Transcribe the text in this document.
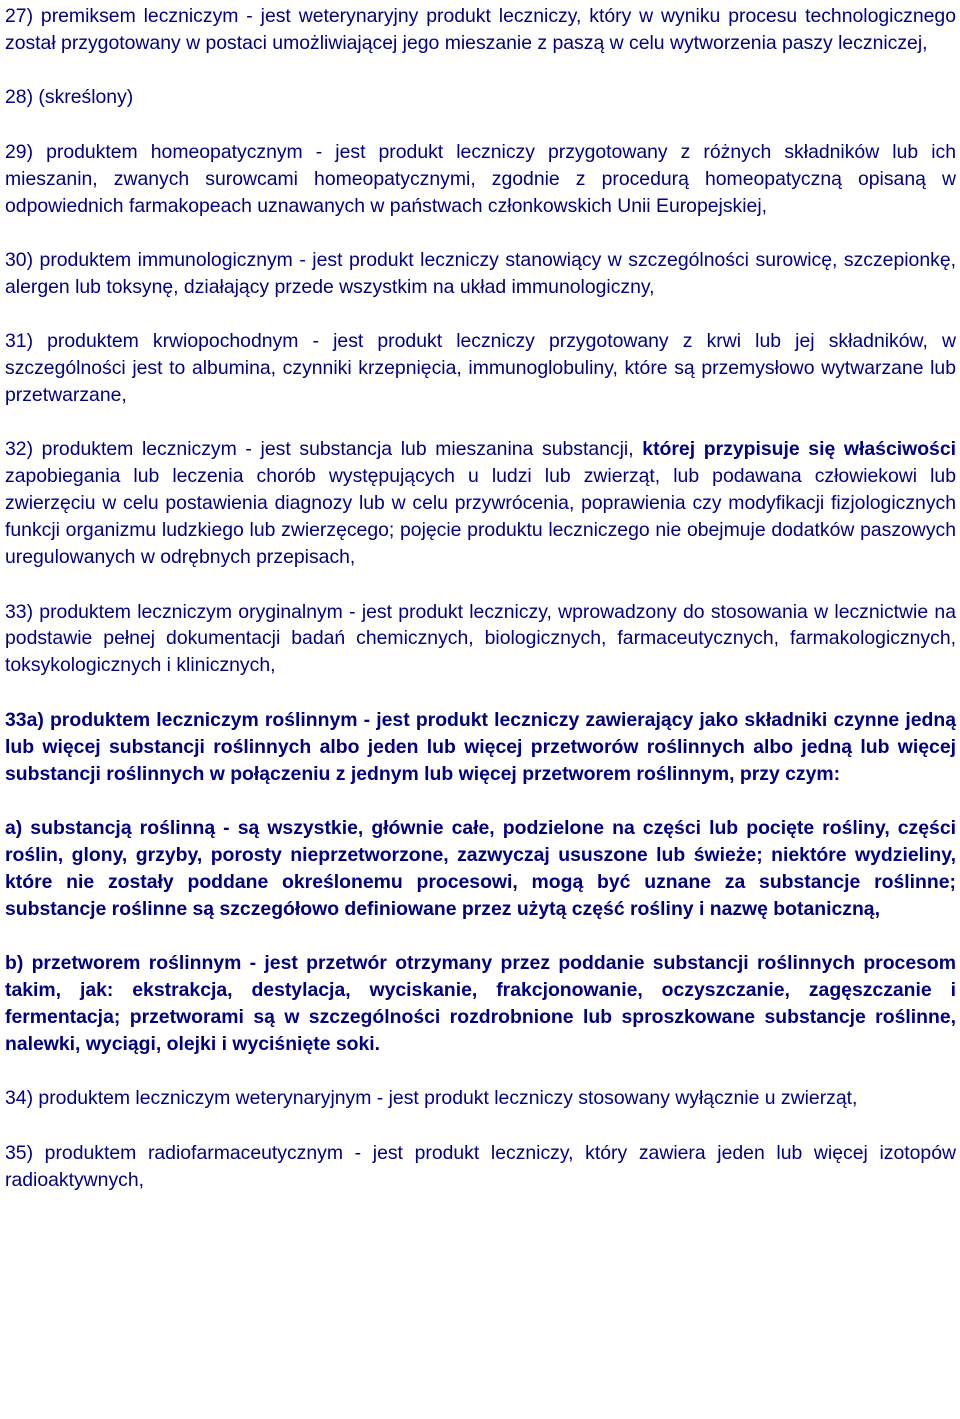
27) premiksem leczniczym - jest weterynaryjny produkt leczniczy, który w wyniku procesu technologicznego został przygotowany w postaci umożliwiającej jego mieszanie z paszą w celu wytworzenia paszy leczniczej,

28) (skreślony)

29) produktem homeopatycznym - jest produkt leczniczy przygotowany z różnych składników lub ich mieszanin, zwanych surowcami homeopatycznymi, zgodnie z procedurą homeopatyczną opisaną w odpowiednich farmakopeach uznawanych w państwach członkowskich Unii Europejskiej,

30) produktem immunologicznym - jest produkt leczniczy stanowiący w szczególności surowicę, szczepionkę, alergen lub toksynę, działający przede wszystkim na układ immunologiczny,

31) produktem krwiopochodnym - jest produkt leczniczy przygotowany z krwi lub jej składników, w szczególności jest to albumina, czynniki krzepnięcia, immunoglobuliny, które są przemysłowo wytwarzane lub przetwarzane,

32) produktem leczniczym - jest substancja lub mieszanina substancji, której przypisuje się właściwości zapobiegania lub leczenia chorób występujących u ludzi lub zwierząt, lub podawana człowiekowi lub zwierzęciu w celu postawienia diagnozy lub w celu przywrócenia, poprawienia czy modyfikacji fizjologicznych funkcji organizmu ludzkiego lub zwierzęcego; pojęcie produktu leczniczego nie obejmuje dodatków paszowych uregulowanych w odrębnych przepisach,

33) produktem leczniczym oryginalnym - jest produkt leczniczy, wprowadzony do stosowania w lecznictwie na podstawie pełnej dokumentacji badań chemicznych, biologicznych, farmaceutycznych, farmakologicznych, toksykologicznych i klinicznych,

33a) produktem leczniczym roślinnym - jest produkt leczniczy zawierający jako składniki czynne jedną lub więcej substancji roślinnych albo jeden lub więcej przetworów roślinnych albo jedną lub więcej substancji roślinnych w połączeniu z jednym lub więcej przetworem roślinnym, przy czym:

a) substancją roślinną - są wszystkie, głównie całe, podzielone na części lub pocięte rośliny, części roślin, glony, grzyby, porosty nieprzetworzone, zazwyczaj ususzone lub świeże; niektóre wydzieliny, które nie zostały poddane określonemu procesowi, mogą być uznane za substancje roślinne; substancje roślinne są szczegółowo definiowane przez użytą część rośliny i nazwę botaniczną,

b) przetworem roślinnym - jest przetwór otrzymany przez poddanie substancji roślinnych procesom takim, jak: ekstrakcja, destylacja, wyciskanie, frakcjonowanie, oczyszczanie, zagęszczanie i fermentacja; przetworami są w szczególności rozdrobnione lub sproszkowane substancje roślinne, nalewki, wyciągi, olejki i wyciśnięte soki.

34) produktem leczniczym weterynaryjnym - jest produkt leczniczy stosowany wyłącznie u zwierząt,

35) produktem radiofarmaceutycznym - jest produkt leczniczy, który zawiera jeden lub więcej izotopów radioaktywnych,
